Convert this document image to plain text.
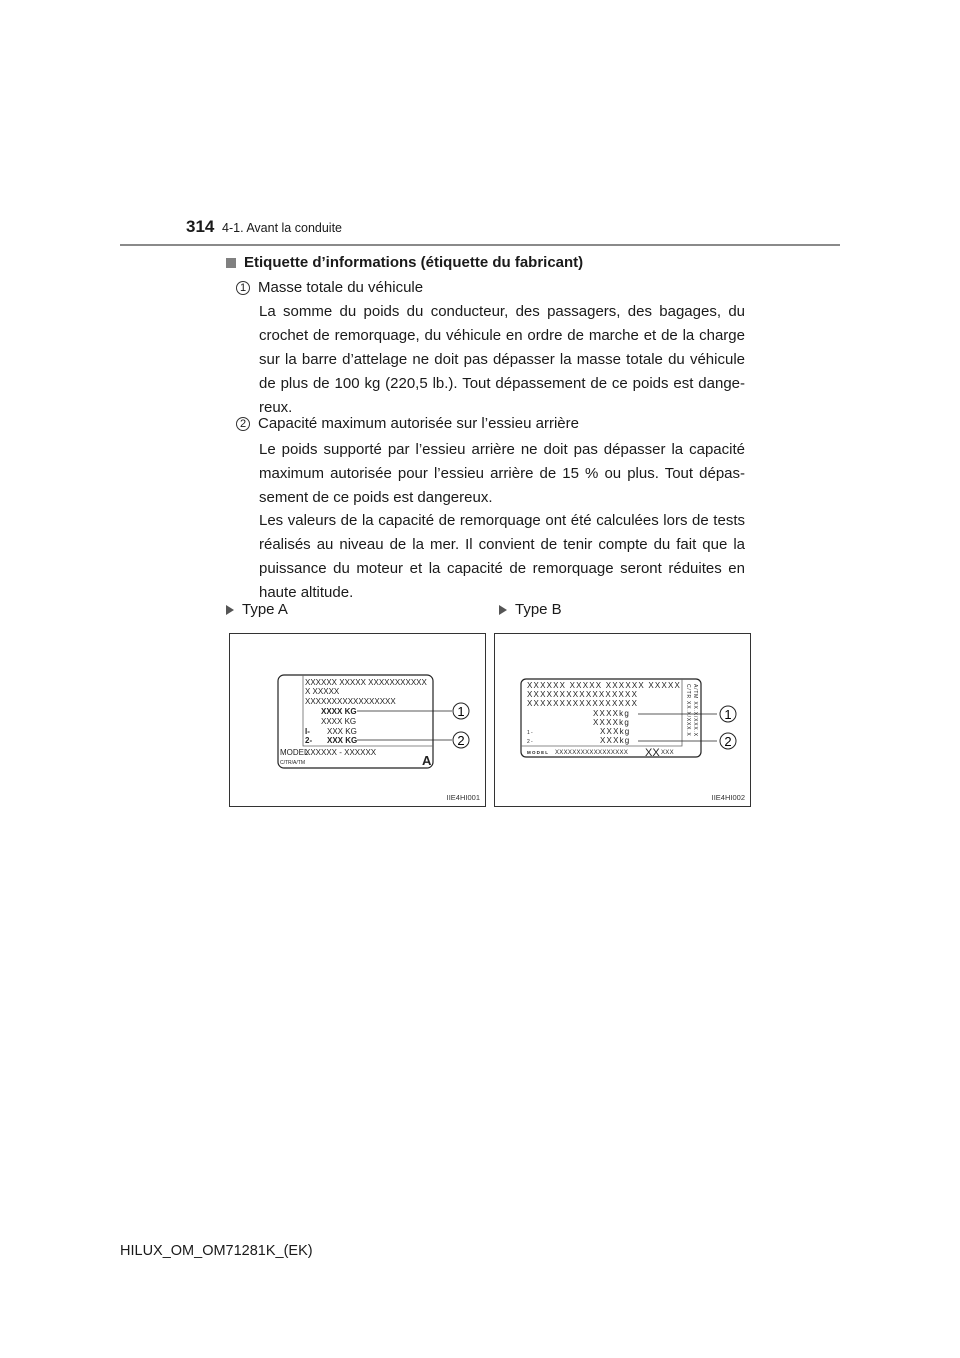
314 4-1. Avant la conduite
Etiquette d’informations (étiquette du fabricant)
1 Masse totale du véhicule

La somme du poids du conducteur, des passagers, des bagages, du crochet de remorquage, du véhicule en ordre de marche et de la charge sur la barre d’attelage ne doit pas dépasser la masse totale du véhicule de plus de 100 kg (220,5 lb.). Tout dépassement de ce poids est dangereux.

2 Capacité maximum autorisée sur l’essieu arrière

Le poids supporté par l’essieu arrière ne doit pas dépasser la capacité maximum autorisée pour l’essieu arrière de 15 % ou plus. Tout dépassement de ce poids est dangereux.

Les valeurs de la capacité de remorquage ont été calculées lors de tests réalisés au niveau de la mer. Il convient de tenir compte du fait que la puissance du moteur et la capacité de remorquage seront réduites en haute altitude.

Type A	Type B
XXXXXX XXXXX XXXXXXXXXXX
X XXXXX
XXXXXXXXXXXXXXXXX
XXXX KG
XXXX KG
I- XXX KG
2- XXX KG
MODEL
XXXXXX - XXXXXX
C/TR/A/TM	A
1
2
IIE4HI001
XXXXXX XXXXX XXXXXX XXXXX
XXXXXXXXXXXXXXXXX
XXXXXXXXXXXXXXXXX
XXXXkg
XXXXkg
1-	XXXkg
2-	XXXkg
MODEL XXXXXXXXXXXXXXXXX XX XXX
C/TR XX.X/XXX.X A/TM XX.X/XXX.X 1
2
IIE4HI002
HILUX_OM_OM71281K_(EK)
